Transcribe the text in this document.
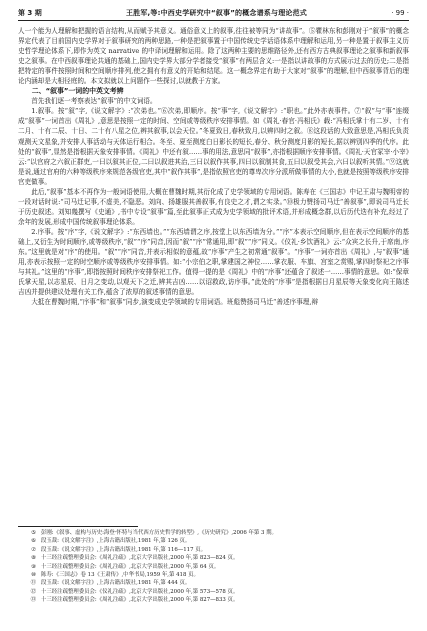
第 3 期	王胜军,等:中西史学研究中“叙事”的概念谱系与理论范式	· 99 ·

人一个能为人理解和把握的语言结构,从而赋予其意义。通俗意义上的叙事,往往被等同为“讲故事”。⑤瞿林东和彭刚对于“叙事”的概念界定代表了目前国内史学界对于叙事研究的两种思路,一种是把叙事置于中国传统史学话语体系中理解和运用,另一种是置于叙事主义历史哲学理论体系下,即作为英文 narrative 的中译词理解和运用。除了这两种主要的思维路径外,还有西方古典叙事理论之叙事和新叙事史之叙事。在中西叙事理论共通的基础上,国内史学界大部分学者接受“叙事”有两层含义:一是指以讲故事的方式展示过去的历史;二是指把特定的事件按照时间和空间顺序排列,使之拥有有意义的开始和结尾。这一概念界定有助于大家对“叙事”的理解,但中西叙事背后的理论内涵却是大相径庭的。本文拟就以上问题作一些探讨,以就教于方家。

二、“叙事”一词的中英文考辨

首先我们逐一考察表达“叙事”的中文词语。

1.叙事。按“叙”字,《说文解字》:“次弟也。”⑥次弟,即顺序。按“事”字,《说文解字》:“职也。”此外亦表事件。⑦“叙”与“事”连缀成“叙事”一词首出《周礼》,意思是按照一定的时间、空间或等级秩序安排事情。如《周礼·春官·冯相氏》载:“冯相氏掌十有二岁、十有二月、十有二辰、十日、二十有八星之位,辨其叙事,以会天位。”冬夏致日,春秋致月,以辨四时之叙。⑧这段话的大致意思是,冯相氏负责观测天文星象,并安排人事活动与天体运行相合。冬至、夏至测度白日影长的短长,春分、秋分测度月影的短长,据以辨别四季的代序。此处的“叙事”,显然是指根据天象安排事情。《周礼》中还有叙……事的用法,意思同“叙事”,亦指根据顺序安排事情。《周礼·天官冢宰·小宰》云:“以官府之六叙正群吏,一曰以叙其正位,二曰以叙进其治,三曰以叙作其事,四曰以叙制其食,五曰以叙受其会,六曰以叙听其情。”⑨这就是说,通过官府的六种等级秩序来规范各级官吏,其中“叙作其事”,是指依照官吏的尊卑次序分派所做事情的大小,也就是按照等级秩序安排官吏做事。

此后,“叙事”基本不再作为一般词语使用,大概在曹魏时期,其衍化成了史学领域的专用词语。陈寿在《三国志》中记王肃与魏明帝的一段对话时说:“司马迁记事,不虚美,不隐恶。刘向、扬雄服其善叙事,有良史之才,谓之实录。”⑩极力赞扬司马迁“善叙事”,即说司马迁长于历史叙述。刘知幾撰写《史通》,书中专设“叙事”篇,至此叙事正式成为史学领域的批评术语,并形成概念群,以后历代迭有补充,经过了余年的发展,形成中国传统叙事理论体系。

2.序事。按“序”字,《说文解字》:“东西墙也。”“东西墙谓之序,按堂上以东西墙为分。”“序”本表示空间顺序,但在表示空间顺序的基础上,又衍生为时间顺序,或等级秩序,“叙”“序”同音,因而“叙”“序”常通用,即“叙”“序”同义。《仪礼·乡饮酒礼》云:“众宾之长升,于席南,序东。”这里就是对“序”的使用。“叙”“序”同音,并表示相似的意蕴,故“序事”产生之初常通“叙事”。“序事”一词亦首出《周礼》,与“叙事”通用,亦表示按照一定的时空顺序或等级秩序安排事情。如:“小宗伯之职,掌建国之神位……掌衣服、车旗、宫室之赏赐,掌四时祭祀之序事与其礼。”这里的“序事”,即指按照时间秩序安排祭祀工作。值得一提的是《周礼》中的“序事”还蕴含了叙述一……事情的意思。如:“保章氏掌天星,以志星辰、日月之变动,以观天下之迁,辨其吉凶……以诏救政,访序事。”此处的“序事”是指根据日月星辰等天象变化向王陈述吉凶并提供建议处理有关工作,蕴含了浓厚的叙述事情的意思。

大抵在曹魏时期,“序事”和“叙事”同步,演变成史学领域的专用词语。班彪赞扬司马迁“善述序事理,辩

⑤ 彭刚:《叙事、虚构与历史:海登·怀特与当代西方历史哲学的转型》,《历史研究》,2006 年第 3 期。
⑥ 段玉裁:《说文解字注》,上海古籍出版社,1981 年,第 126 页。
⑦ 段玉裁:《说文解字注》,上海古籍出版社,1981 年,第 116—117 页。
⑧ 十三经注疏整理委员会:《周礼注疏》,北京大学出版社,2000 年,第 823—824 页。
⑨ 十三经注疏整理委员会:《周礼注疏》,北京大学出版社,2000 年,第 64 页。
⑩ 陈寿:《三国志》卷 13《王肃传》,中华书局,1959 年,第 418 页。
⑪ 段玉裁:《说文解字注》,上海古籍出版社,1981 年,第 444 页。
⑫ 十三经注疏整理委员会:《仪礼注疏》,北京大学出版社,2000 年,第 573—578 页。
⑬ 十三经注疏整理委员会:《周礼注疏》,北京大学出版社,2000 年,第 827—833 页。
